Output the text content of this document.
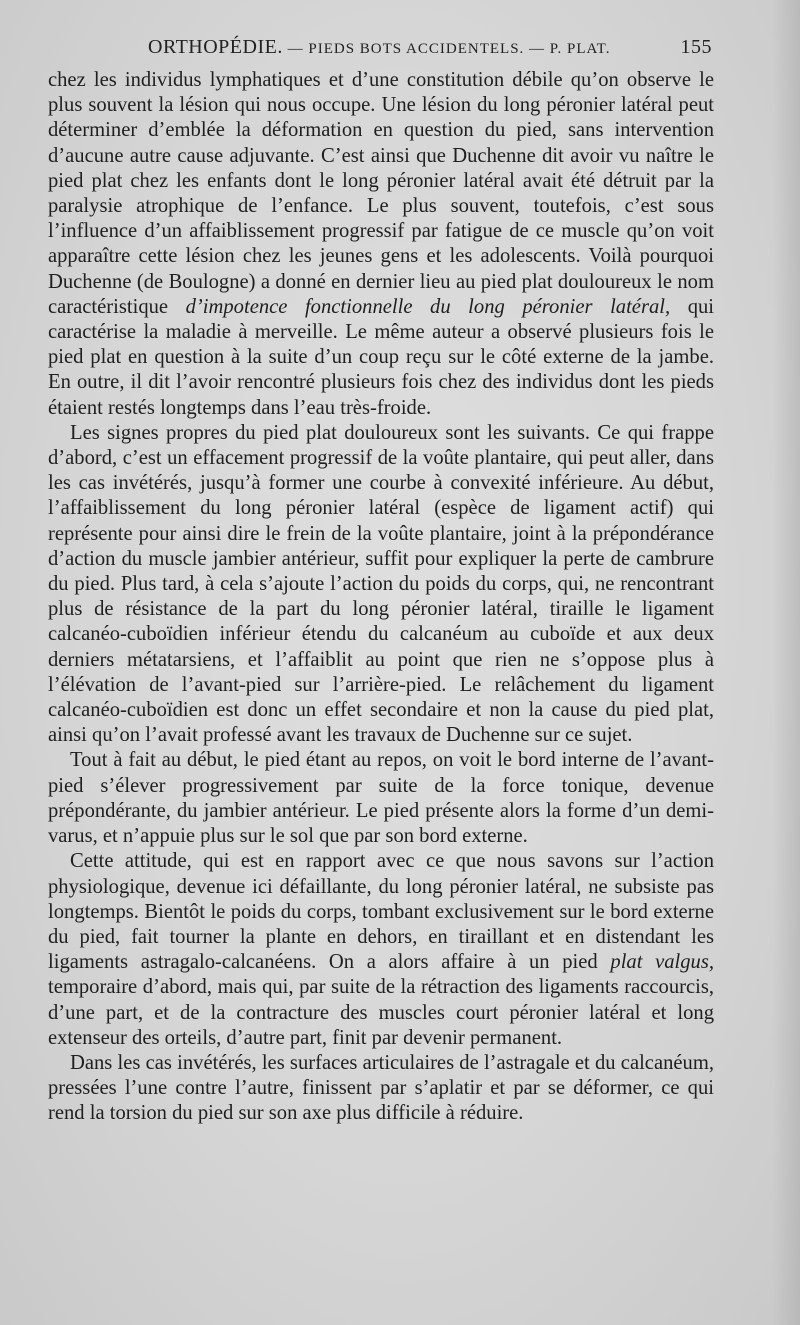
ORTHOPÉDIE. — PIEDS BOTS ACCIDENTELS. — P. PLAT.	155

chez les individus lymphatiques et d’une constitution débile qu’on observe le plus souvent la lésion qui nous occupe. Une lésion du long péronier latéral peut déterminer d’emblée la déformation en question du pied, sans intervention d’aucune autre cause adjuvante. C’est ainsi que Duchenne dit avoir vu naître le pied plat chez les enfants dont le long péronier latéral avait été détruit par la paralysie atrophique de l’enfance. Le plus souvent, toutefois, c’est sous l’influence d’un affaiblissement progressif par fatigue de ce muscle qu’on voit apparaître cette lésion chez les jeunes gens et les adolescents. Voilà pourquoi Duchenne (de Boulogne) a donné en dernier lieu au pied plat douloureux le nom caractéristique d’impotence fonctionnelle du long péronier latéral, qui caractérise la maladie à merveille. Le même auteur a observé plusieurs fois le pied plat en question à la suite d’un coup reçu sur le côté externe de la jambe. En outre, il dit l’avoir rencontré plusieurs fois chez des individus dont les pieds étaient restés longtemps dans l’eau très-froide.

Les signes propres du pied plat douloureux sont les suivants. Ce qui frappe d’abord, c’est un effacement progressif de la voûte plantaire, qui peut aller, dans les cas invétérés, jusqu’à former une courbe à convexité inférieure. Au début, l’affaiblissement du long péronier latéral (espèce de ligament actif) qui représente pour ainsi dire le frein de la voûte plantaire, joint à la prépondérance d’action du muscle jambier antérieur, suffit pour expliquer la perte de cambrure du pied. Plus tard, à cela s’ajoute l’action du poids du corps, qui, ne rencontrant plus de résistance de la part du long péronier latéral, tiraille le ligament calcanéo-cuboïdien inférieur étendu du calcanéum au cuboïde et aux deux derniers métatarsiens, et l’affaiblit au point que rien ne s’oppose plus à l’élévation de l’avant-pied sur l’arrière-pied. Le relâchement du ligament calcanéo-cuboïdien est donc un effet secondaire et non la cause du pied plat, ainsi qu’on l’avait professé avant les travaux de Duchenne sur ce sujet.

Tout à fait au début, le pied étant au repos, on voit le bord interne de l’avant-pied s’élever progressivement par suite de la force tonique, devenue prépondérante, du jambier antérieur. Le pied présente alors la forme d’un demi-varus, et n’appuie plus sur le sol que par son bord externe.

Cette attitude, qui est en rapport avec ce que nous savons sur l’action physiologique, devenue ici défaillante, du long péronier latéral, ne subsiste pas longtemps. Bientôt le poids du corps, tombant exclusivement sur le bord externe du pied, fait tourner la plante en dehors, en tiraillant et en distendant les ligaments astragalo-calcanéens. On a alors affaire à un pied plat valgus, temporaire d’abord, mais qui, par suite de la rétraction des ligaments raccourcis, d’une part, et de la contracture des muscles court péronier latéral et long extenseur des orteils, d’autre part, finit par devenir permanent.

Dans les cas invétérés, les surfaces articulaires de l’astragale et du calcanéum, pressées l’une contre l’autre, finissent par s’aplatir et par se déformer, ce qui rend la torsion du pied sur son axe plus difficile à réduire.
